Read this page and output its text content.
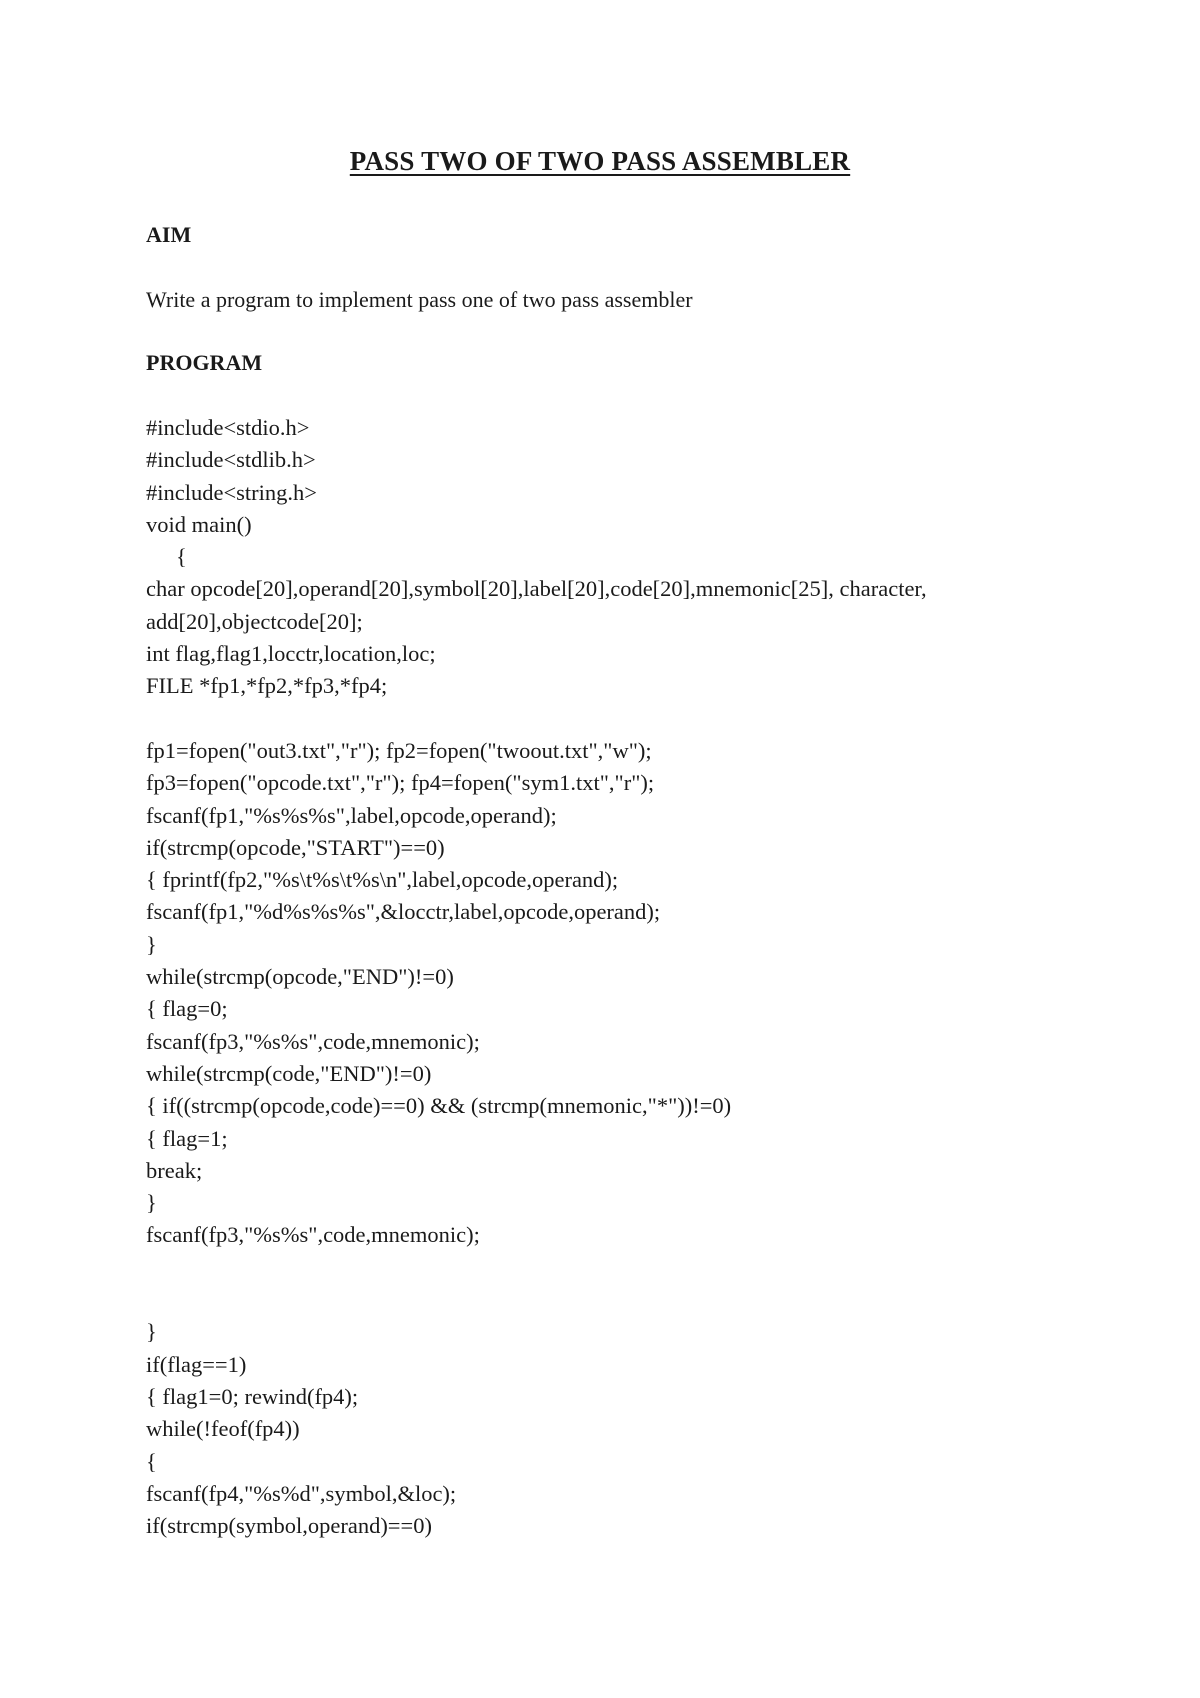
PASS TWO OF TWO PASS ASSEMBLER
AIM
Write a program to implement pass one of two pass assembler
PROGRAM
#include<stdio.h>
#include<stdlib.h>
#include<string.h>
void main()
{
char opcode[20],operand[20],symbol[20],label[20],code[20],mnemonic[25], character,
add[20],objectcode[20];
int flag,flag1,locctr,location,loc;
FILE *fp1,*fp2,*fp3,*fp4;
fp1=fopen("out3.txt","r"); fp2=fopen("twoout.txt","w");
fp3=fopen("opcode.txt","r"); fp4=fopen("sym1.txt","r");
fscanf(fp1,"%s%s%s",label,opcode,operand);
if(strcmp(opcode,"START")==0)
{ fprintf(fp2,"%s\t%s\t%s\n",label,opcode,operand);
fscanf(fp1,"%d%s%s%s",&locctr,label,opcode,operand);
}
while(strcmp(opcode,"END")!=0)
{ flag=0;
fscanf(fp3,"%s%s",code,mnemonic);
while(strcmp(code,"END")!=0)
{ if((strcmp(opcode,code)==0) && (strcmp(mnemonic,"*"))!=0)
{ flag=1;
break;
}
fscanf(fp3,"%s%s",code,mnemonic);
}
if(flag==1)
{ flag1=0; rewind(fp4);
while(!feof(fp4))
{
fscanf(fp4,"%s%d",symbol,&loc);
if(strcmp(symbol,operand)==0)
